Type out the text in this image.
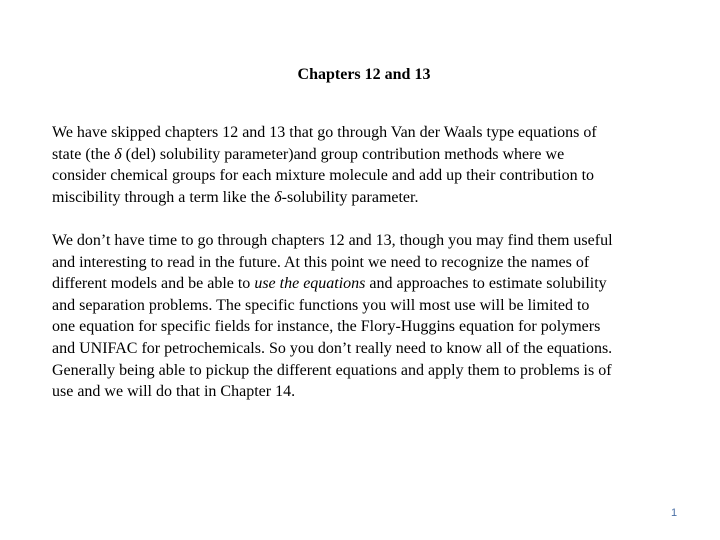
Chapters 12 and 13

We have skipped chapters 12 and 13 that go through Van der Waals type equations of
state (the δ (del) solubility parameter)and group contribution methods where we
consider chemical groups for each mixture molecule and add up their contribution to
miscibility through a term like the δ-solubility parameter.

We don’t have time to go through chapters 12 and 13, though you may find them useful
and interesting to read in the future. At this point we need to recognize the names of
different models and be able to use the equations and approaches to estimate solubility
and separation problems. The specific functions you will most use will be limited to
one equation for specific fields for instance, the Flory-Huggins equation for polymers
and UNIFAC for petrochemicals. So you don’t really need to know all of the equations.
Generally being able to pickup the different equations and apply them to problems is of
use and we will do that in Chapter 14.

1
